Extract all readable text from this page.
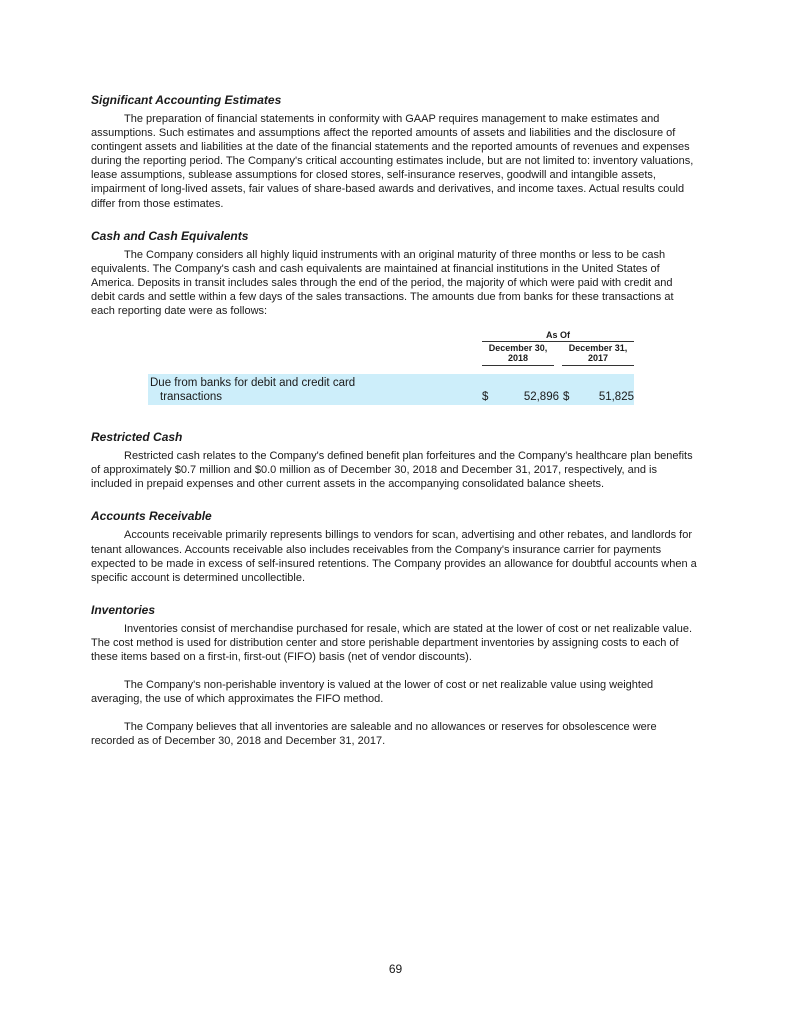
Significant Accounting Estimates

The preparation of financial statements in conformity with GAAP requires management to make estimates and assumptions. Such estimates and assumptions affect the reported amounts of assets and liabilities and the disclosure of contingent assets and liabilities at the date of the financial statements and the reported amounts of revenues and expenses during the reporting period. The Company's critical accounting estimates include, but are not limited to: inventory valuations, lease assumptions, sublease assumptions for closed stores, self-insurance reserves, goodwill and intangible assets, impairment of long-lived assets, fair values of share-based awards and derivatives, and income taxes. Actual results could differ from those estimates.

Cash and Cash Equivalents

The Company considers all highly liquid instruments with an original maturity of three months or less to be cash equivalents. The Company's cash and cash equivalents are maintained at financial institutions in the United States of America. Deposits in transit includes sales through the end of the period, the majority of which were paid with credit and debit cards and settle within a few days of the sales transactions. The amounts due from banks for these transactions at each reporting date were as follows:

As Of
December 30,
2018
December 31,
2017
Due from banks for debit and credit card
transactions	$	52,896 $	51,825

Restricted Cash

Restricted cash relates to the Company's defined benefit plan forfeitures and the Company's healthcare plan benefits of approximately $0.7 million and $0.0 million as of December 30, 2018 and December 31, 2017, respectively, and is included in prepaid expenses and other current assets in the accompanying consolidated balance sheets.

Accounts Receivable

Accounts receivable primarily represents billings to vendors for scan, advertising and other rebates, and landlords for tenant allowances. Accounts receivable also includes receivables from the Company's insurance carrier for payments expected to be made in excess of self-insured retentions. The Company provides an allowance for doubtful accounts when a specific account is determined uncollectible.

Inventories

Inventories consist of merchandise purchased for resale, which are stated at the lower of cost or net realizable value. The cost method is used for distribution center and store perishable department inventories by assigning costs to each of these items based on a first-in, first-out (FIFO) basis (net of vendor discounts).

The Company's non-perishable inventory is valued at the lower of cost or net realizable value using weighted averaging, the use of which approximates the FIFO method.

The Company believes that all inventories are saleable and no allowances or reserves for obsolescence were recorded as of December 30, 2018 and December 31, 2017.

69
